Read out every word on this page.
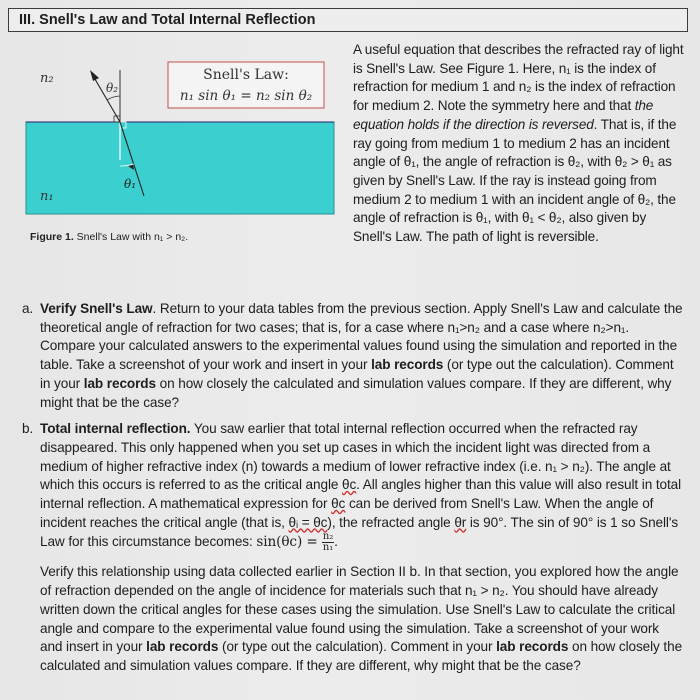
III. Snell's Law and Total Internal Reflection
n₂
θ₂
θ₁
n₁
Snell's Law:
n₁ sin θ₁ = n₂ sin θ₂
Figure 1. Snell's Law with n₁ > n₂.
A useful equation that describes the refracted ray of light is Snell's Law. See Figure 1. Here, n₁ is the index of refraction for medium 1 and n₂ is the index of refraction for medium 2. Note the symmetry here and that the equation holds if the direction is reversed. That is, if the ray going from medium 1 to medium 2 has an incident angle of θ₁, the angle of refraction is θ₂, with θ₂ > θ₁ as given by Snell's Law. If the ray is instead going from medium 2 to medium 1 with an incident angle of θ₂, the angle of refraction is θ₁, with θ₁ < θ₂, also given by Snell's Law. The path of light is reversible.
a. Verify Snell's Law. Return to your data tables from the previous section. Apply Snell's Law and calculate the theoretical angle of refraction for two cases; that is, for a case where n₁>n₂ and a case where n₂>n₁. Compare your calculated answers to the experimental values found using the simulation and reported in the table. Take a screenshot of your work and insert in your lab records (or type out the calculation). Comment in your lab records on how closely the calculated and simulation values compare. If they are different, why might that be the case?
b. Total internal reflection. You saw earlier that total internal reflection occurred when the refracted ray disappeared. This only happened when you set up cases in which the incident light was directed from a medium of higher refractive index (n) towards a medium of lower refractive index (i.e. n₁ > n₂). The angle at which this occurs is referred to as the critical angle θc. All angles higher than this value will also result in total internal reflection. A mathematical expression for θc can be derived from Snell's Law. When the angle of incident reaches the critical angle (that is, θᵢ = θc), the refracted angle θr is 90°. The sin of 90° is 1 so Snell's Law for this circumstance becomes: $\sin(\theta c) = \frac{\text{n₂}}{\text{n₁}}$ .
Verify this relationship using data collected earlier in Section II b. In that section, you explored how the angle of refraction depended on the angle of incidence for materials such that n₁ > n₂. You should have already written down the critical angles for these cases using the simulation. Use Snell's Law to calculate the critical angle and compare to the experimental value found using the simulation. Take a screenshot of your work and insert in your lab records (or type out the calculation). Comment in your lab records on how closely the calculated and simulation values compare. If they are different, why might that be the case?
